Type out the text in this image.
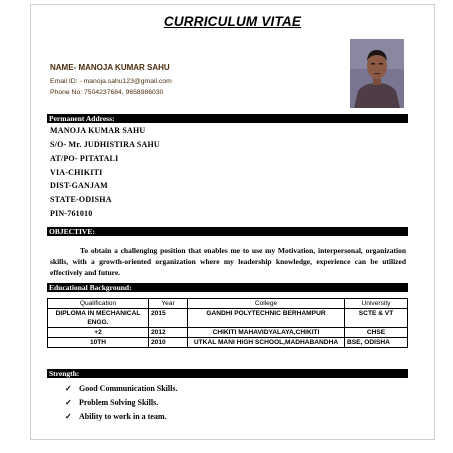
CURRICULUM VITAE
NAME- MANOJA KUMAR SAHU
Email ID: - manoja.sahu123@gmail.com
Phone No: 7504237684, 9658986030
Permanent Address:
MANOJA KUMAR SAHU
S/O- Mr. JUDHISTIRA SAHU
AT/PO- PITATALI
VIA-CHIKITI
DIST-GANJAM
STATE-ODISHA
PIN-761010
OBJECTIVE:
To obtain a challenging position that enables me to use my Motivation, interpersonal, organization skills, with a growth-oriented organization where my leadership knowledge, experience can be utilized effectively and future.
Educational Background:
Qualification	Year	College	University
DIPLOMA IN MECHANICAL ENGG.	2015	GANDHI POLYTECHNIC BERHAMPUR	SCTE & VT
+2	2012	CHIKITI MAHAVIDYALAYA,CHIKITI	CHSE
10TH	2010	UTKAL MANI HIGH SCHOOL,MADHABANDHA	BSE, ODISHA
Strength:
✓ Good Communication Skills.
✓ Problem Solving Skills.
✓ Ability to work in a team.
